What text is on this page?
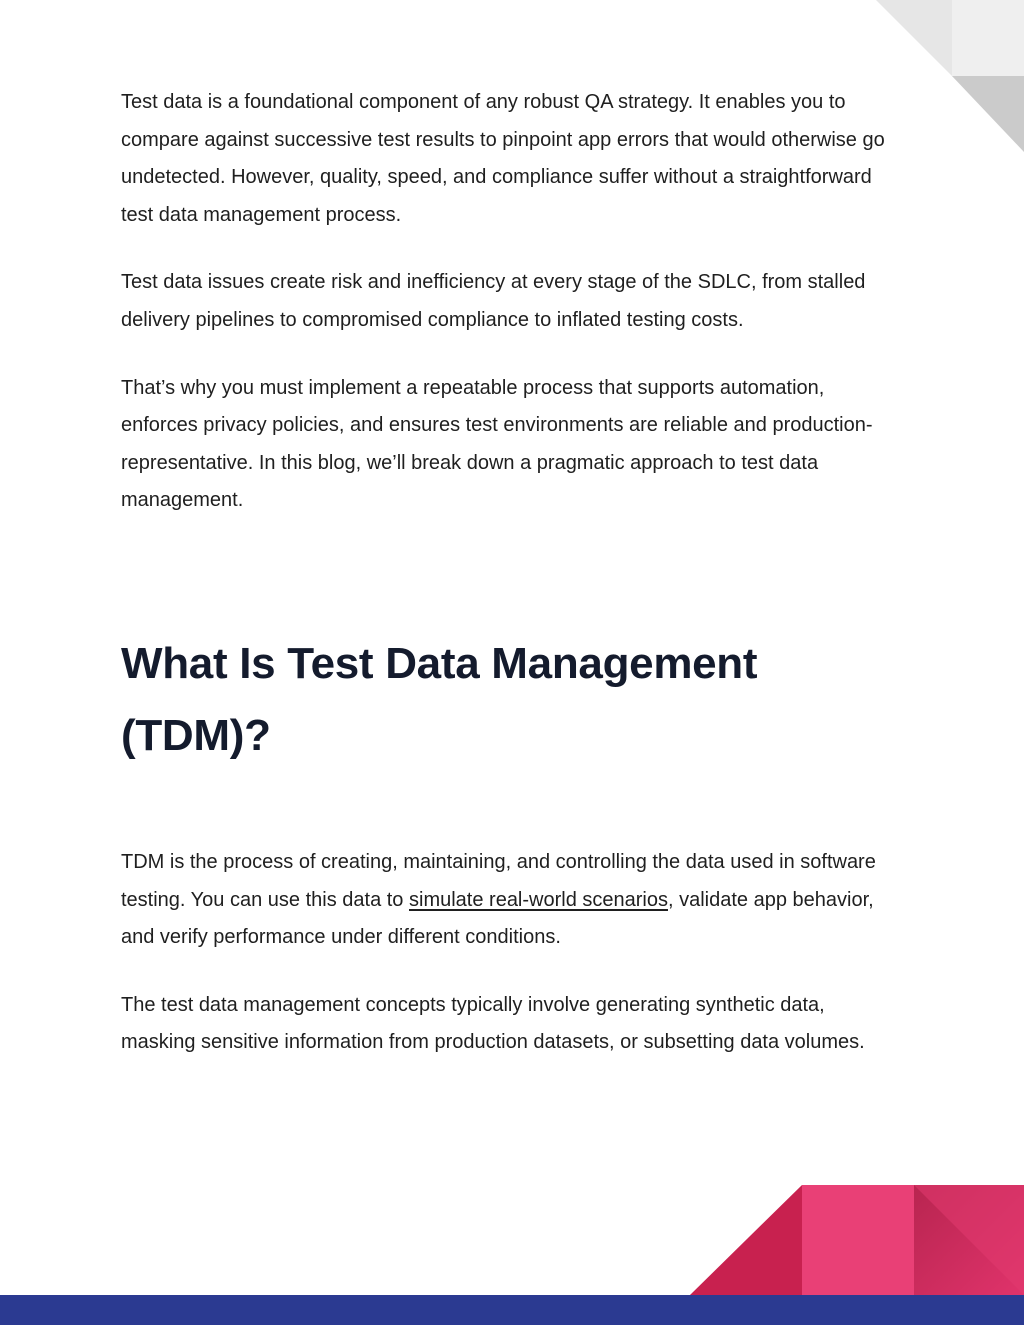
Test data is a foundational component of any robust QA strategy. It enables you to compare against successive test results to pinpoint app errors that would otherwise go undetected. However, quality, speed, and compliance suffer without a straightforward test data management process.

Test data issues create risk and inefficiency at every stage of the SDLC, from stalled delivery pipelines to compromised compliance to inflated testing costs.

That’s why you must implement a repeatable process that supports automation, enforces privacy policies, and ensures test environments are reliable and production-representative. In this blog, we’ll break down a pragmatic approach to test data management.

What Is Test Data Management (TDM)?

TDM is the process of creating, maintaining, and controlling the data used in software testing. You can use this data to simulate real-world scenarios, validate app behavior, and verify performance under different conditions.

The test data management concepts typically involve generating synthetic data, masking sensitive information from production datasets, or subsetting data volumes.
